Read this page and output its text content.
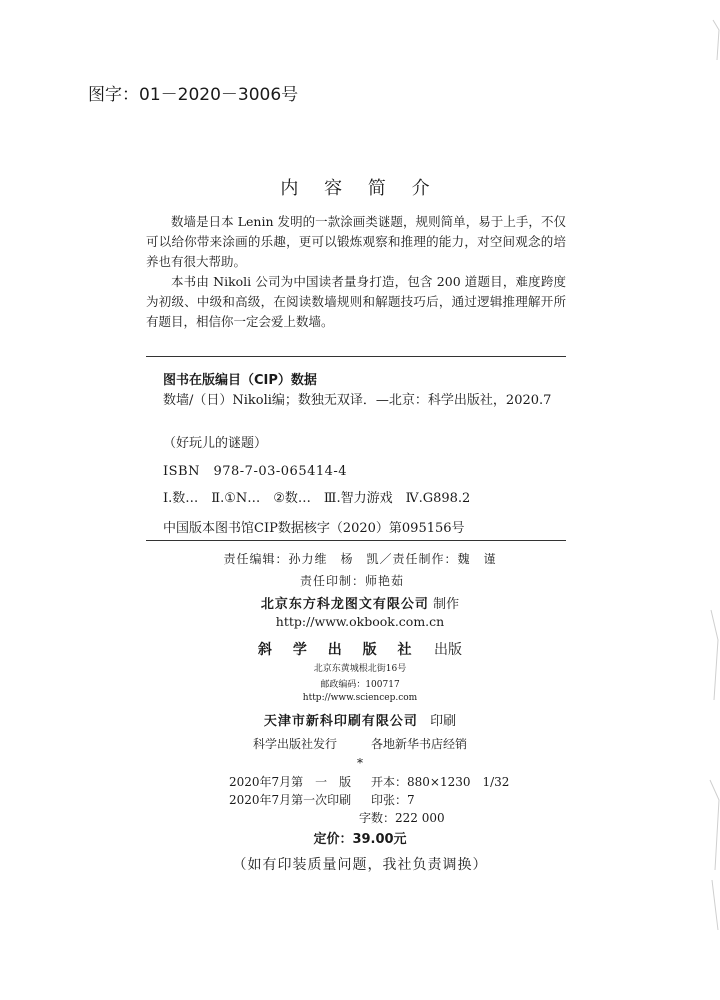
图字：01－2020－3006号
内 容 简 介

数墙是日本 Lenin 发明的一款涂画类谜题，规则简单，易于上手，不仅可以给你带来涂画的乐趣，更可以锻炼观察和推理的能力，对空间观念的培养也有很大帮助。

本书由 Nikoli 公司为中国读者量身打造，包含 200 道题目，难度跨度为初级、中级和高级，在阅读数墙规则和解题技巧后，通过逻辑推理解开所有题目，相信你一定会爱上数墙。

图书在版编目（CIP）数据
数墙/（日）Nikoli编；数独无双译．—北京：科学出版社，2020.7
（好玩儿的谜题）
ISBN　978-7-03-065414-4
Ⅰ.数…　Ⅱ.①N…　②数…　Ⅲ.智力游戏　Ⅳ.G898.2
中国版本图书馆CIP数据核字（2020）第095156号
责任编辑：孙力维　杨　凯／责任制作：魏　谨
责任印制：师艳茹
北京东方科龙图文有限公司 制作
http://www.okbook.com.cn
斜 学 出 版 社 出版
北京东黄城根北街16号
邮政编码：100717
http://www.sciencep.com
天津市新科印刷有限公司 印刷
科学出版社发行	各地新华书店经销
*
2020年7月第　一　版 开本：880×1230　1/32
2020年7月第一次印刷 印张：7
字数：222 000
定价：39.00元
（如有印装质量问题，我社负责调换）
